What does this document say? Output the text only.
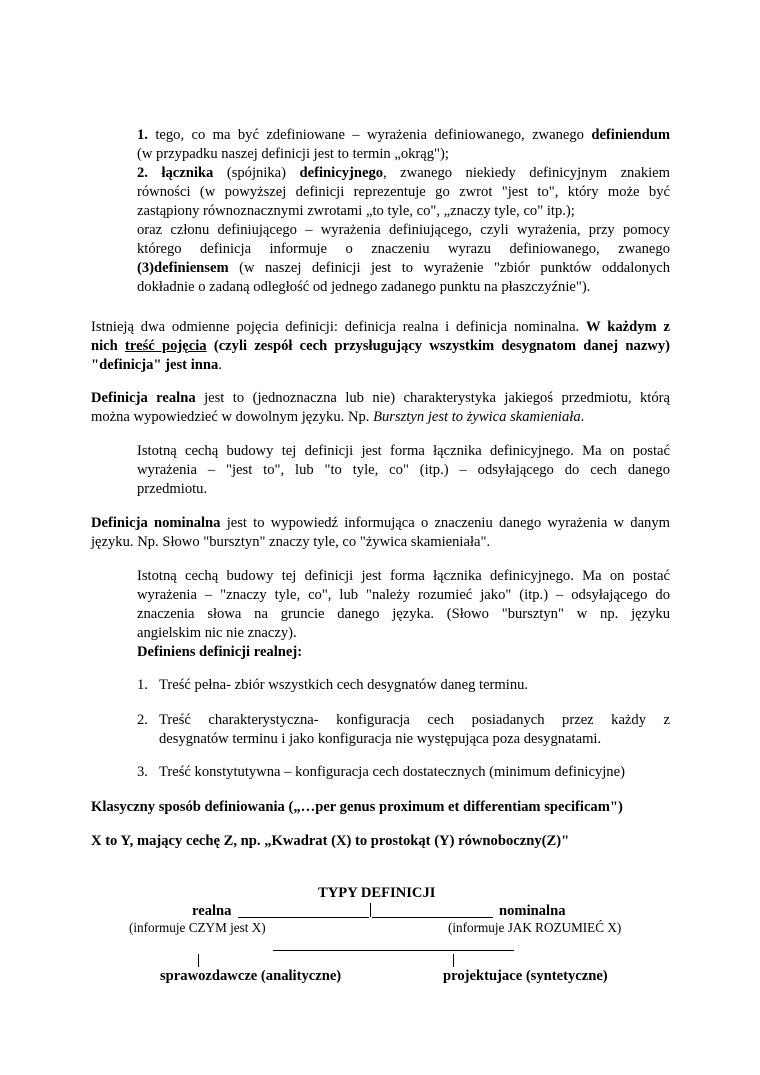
1. tego, co ma być zdefiniowane – wyrażenia definiowanego, zwanego definiendum
(w przypadku naszej definicji jest to termin „okrąg");
2. łącznika (spójnika) definicyjnego, zwanego niekiedy definicyjnym znakiem
równości (w powyższej definicji reprezentuje go zwrot "jest to", który może być
zastąpiony równoznacznymi zwrotami „to tyle, co", „znaczy tyle, co" itp.);
oraz członu definiującego – wyrażenia definiującego, czyli wyrażenia, przy pomocy
którego definicja informuje o znaczeniu wyrazu definiowanego, zwanego
(3)definiensem (w naszej definicji jest to wyrażenie "zbiór punktów oddalonych
dokładnie o zadaną odległość od jednego zadanego punktu na płaszczyźnie").
Istnieją dwa odmienne pojęcia definicji: definicja realna i definicja nominalna. W każdym z
nich treść pojęcia (czyli zespół cech przysługujący wszystkim desygnatom danej nazwy)
"definicja" jest inna.
Definicja realna jest to (jednoznaczna lub nie) charakterystyka jakiegoś przedmiotu, którą
można wypowiedzieć w dowolnym języku. Np. Bursztyn jest to żywica skamieniała.
Istotną cechą budowy tej definicji jest forma łącznika definicyjnego. Ma on postać
wyrażenia – "jest to", lub "to tyle, co" (itp.) – odsyłającego do cech danego
przedmiotu.
Definicja nominalna jest to wypowiedź informująca o znaczeniu danego wyrażenia w danym
języku. Np. Słowo "bursztyn" znaczy tyle, co "żywica skamieniała".
Istotną cechą budowy tej definicji jest forma łącznika definicyjnego. Ma on postać
wyrażenia – "znaczy tyle, co", lub "należy rozumieć jako" (itp.) – odsyłającego do
znaczenia słowa na gruncie danego języka. (Słowo "bursztyn" w np. języku
angielskim nic nie znaczy).
Definiens definicji realnej:
1. Treść pełna- zbiór wszystkich cech desygnatów daneg terminu.
2. Treść charakterystyczna- konfiguracja cech posiadanych przez każdy z
desygnatów terminu i jako konfiguracja nie występująca poza desygnatami.
3. Treść konstytutywna – konfiguracja cech dostatecznych (minimum definicyjne)
Klasyczny sposób definiowania („…per genus proximum et differentiam specificam")
X to Y, mający cechę Z, np. „Kwadrat (X) to prostokąt (Y) równoboczny(Z)"
TYPY DEFINICJI
realna	nominalna
(informuje CZYM jest X)	(informuje JAK ROZUMIEĆ X)
sprawozdawcze (analityczne)	projektujace (syntetyczne)
